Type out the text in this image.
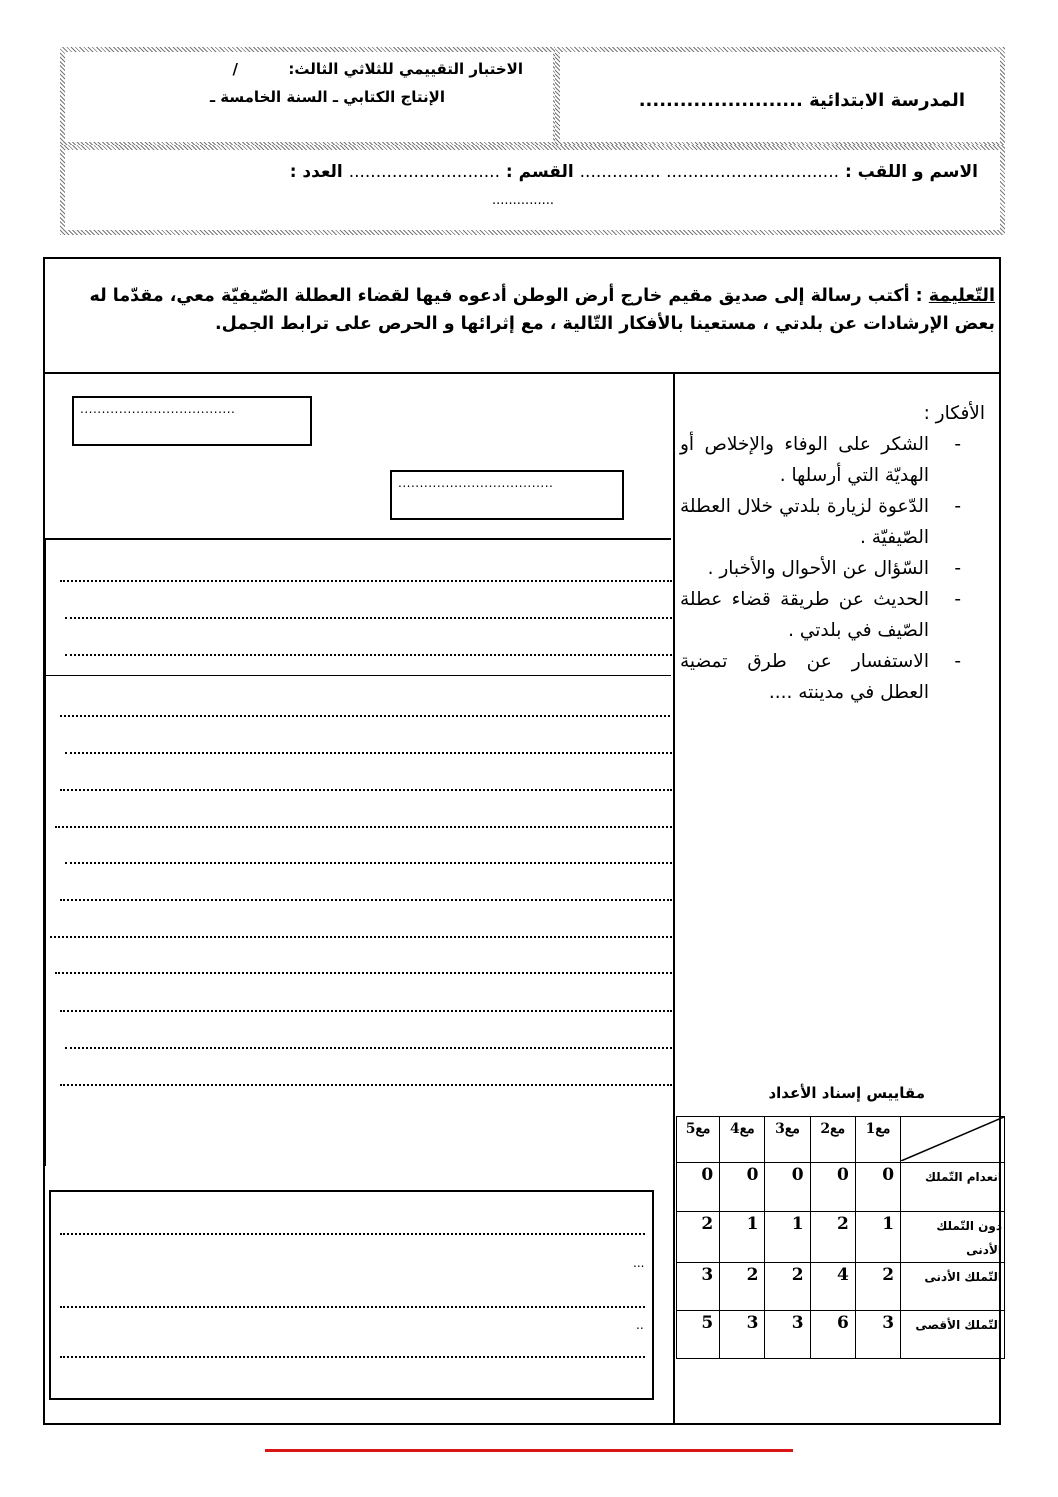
الاختبار التقييمي للثلاثي الثالث:  /
الإنتاج الكتابي ـ السنة الخامسة ـ	المدرسة الابتدائية ........................
الاسم و اللقب : ................................ ............... القسم : ............................ العدد :
...............
التّعليمة : أكتب رسالة إلى صديق مقيم خارج أرض الوطن أدعوه فيها لقضاء العطلة الصّيفيّة معي، مقدّما له بعض الإرشادات عن بلدتي ، مستعينا بالأفكار التّالية ، مع إثرائها و الحرص على ترابط الجمل.
الأفكار :
-
الشكر على الوفاء والإخلاص أو الهديّة التي أرسلها .
-
الدّعوة لزيارة بلدتي خلال العطلة الصّيفيّة .
-
السّؤال عن الأحوال والأخبار .
-
الحديث عن طريقة قضاء عطلة الصّيف في بلدتي .
-
الاستفسار عن طرق تمضية العطل في مدينته ....
....................................
....................................
...
..
مقاييس إسناد الأعداد
مع5	مع4	مع3	مع2	مع1	

0	0	0	0	0	انعدام التّملك
2	1	1	2	1	دون التّملك الأدنى
3	2	2	4	2	التّملك الأدنى
5	3	3	6	3	التّملك الأقصى
